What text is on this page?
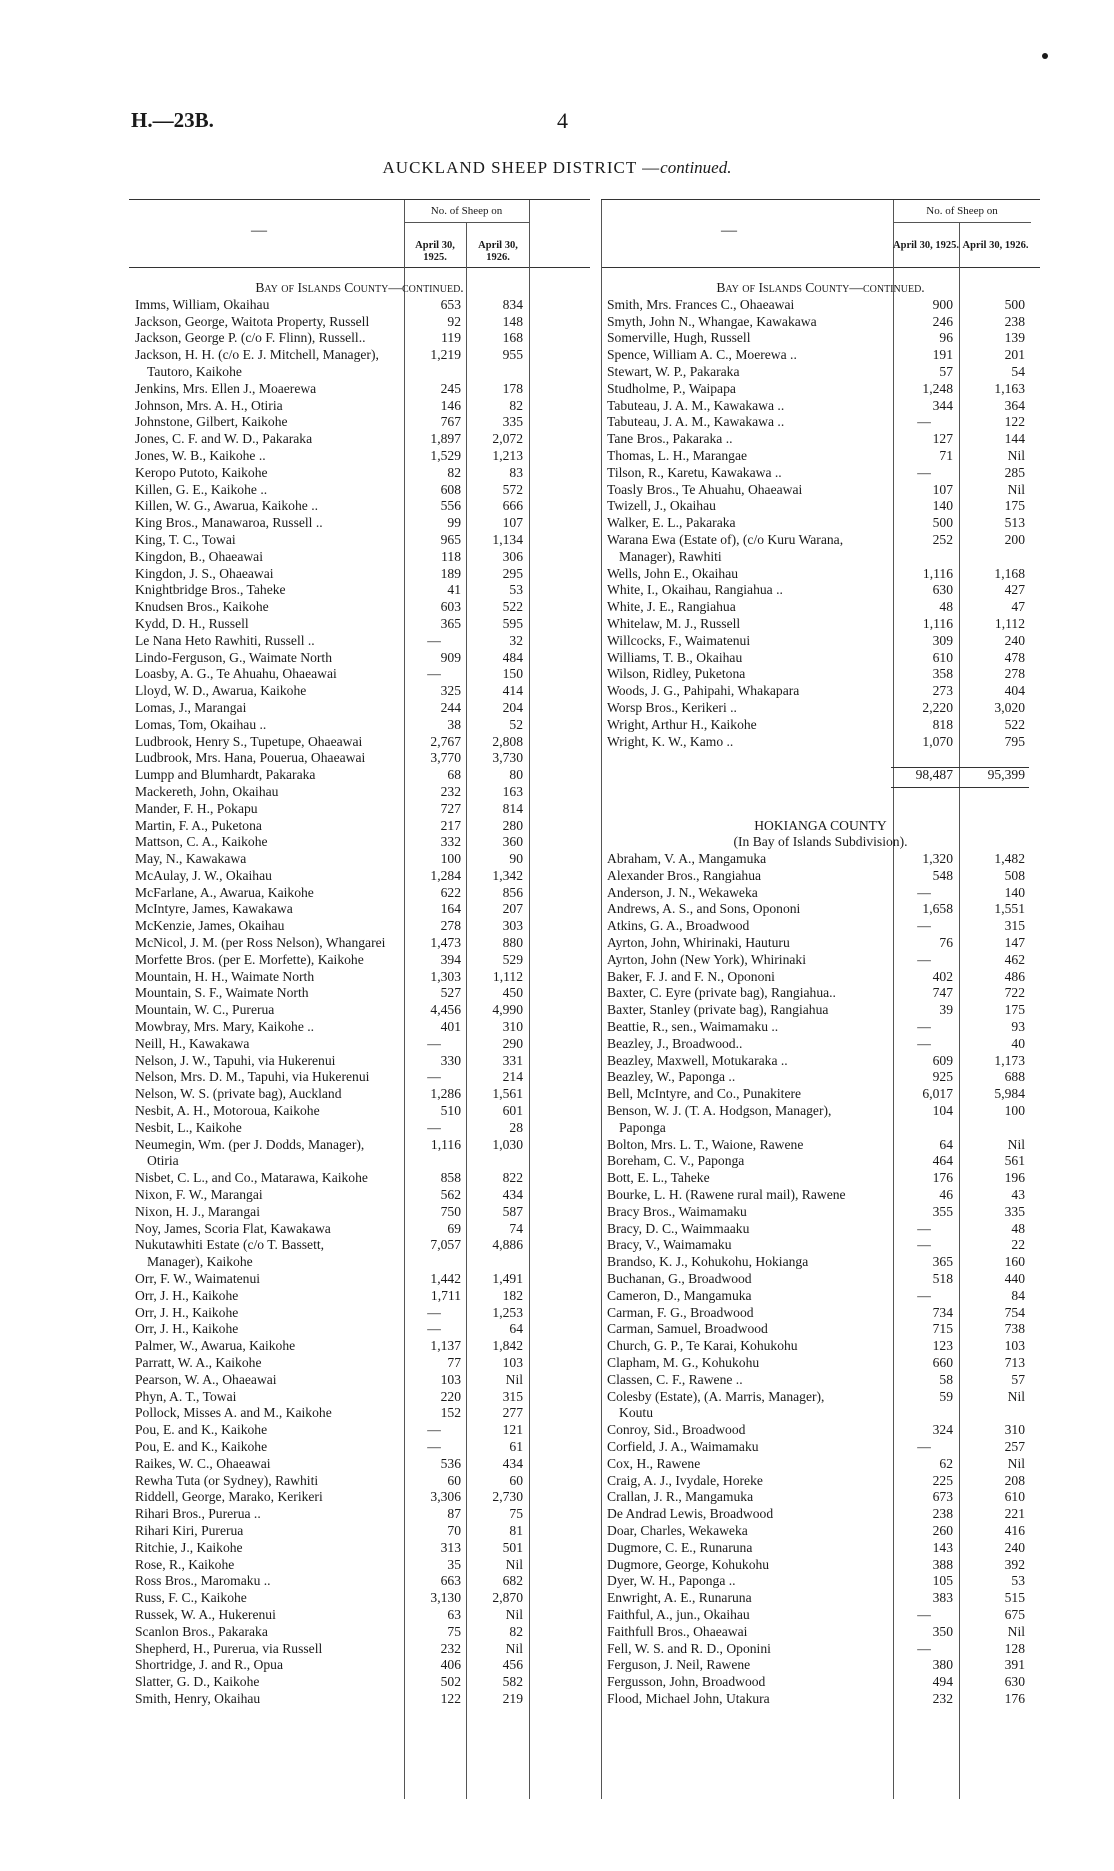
H.—23B.	4
AUCKLAND SHEEP DISTRICT —continued.
—
No. of Sheep on
April 30, 1925.
April 30, 1926.
Bay of Islands County—continued.
Imms, William, Okaihau	653	834
Jackson, George, Waitota Property, Russell	92	148
Jackson, George P. (c/o F. Flinn), Russell..	119	168
Jackson, H. H. (c/o E. J. Mitchell, Manager),	1,219	955
Tautoro, Kaikohe
Jenkins, Mrs. Ellen J., Moaerewa	245	178
Johnson, Mrs. A. H., Otiria	146	82
Johnstone, Gilbert, Kaikohe	767	335
Jones, C. F. and W. D., Pakaraka	1,897	2,072
Jones, W. B., Kaikohe ..	1,529	1,213
Keropo Putoto, Kaikohe	82	83
Killen, G. E., Kaikohe ..	608	572
Killen, W. G., Awarua, Kaikohe ..	556	666
King Bros., Manawaroa, Russell ..	99	107
King, T. C., Towai	965	1,134
Kingdon, B., Ohaeawai	118	306
Kingdon, J. S., Ohaeawai	189	295
Knightbridge Bros., Taheke	41	53
Knudsen Bros., Kaikohe	603	522
Kydd, D. H., Russell	365	595
Le Nana Heto Rawhiti, Russell ..	—	32
Lindo-Ferguson, G., Waimate North	909	484
Loasby, A. G., Te Ahuahu, Ohaeawai	—	150
Lloyd, W. D., Awarua, Kaikohe	325	414
Lomas, J., Marangai	244	204
Lomas, Tom, Okaihau ..	38	52
Ludbrook, Henry S., Tupetupe, Ohaeawai	2,767	2,808
Ludbrook, Mrs. Hana, Pouerua, Ohaeawai	3,770	3,730
Lumpp and Blumhardt, Pakaraka	68	80
Mackereth, John, Okaihau	232	163
Mander, F. H., Pokapu	727	814
Martin, F. A., Puketona	217	280
Mattson, C. A., Kaikohe	332	360
May, N., Kawakawa	100	90
McAulay, J. W., Okaihau	1,284	1,342
McFarlane, A., Awarua, Kaikohe	622	856
McIntyre, James, Kawakawa	164	207
McKenzie, James, Okaihau	278	303
McNicol, J. M. (per Ross Nelson), Whangarei	1,473	880
Morfette Bros. (per E. Morfette), Kaikohe	394	529
Mountain, H. H., Waimate North	1,303	1,112
Mountain, S. F., Waimate North	527	450
Mountain, W. C., Purerua	4,456	4,990
Mowbray, Mrs. Mary, Kaikohe ..	401	310
Neill, H., Kawakawa	—	290
Nelson, J. W., Tapuhi, via Hukerenui	330	331
Nelson, Mrs. D. M., Tapuhi, via Hukerenui	—	214
Nelson, W. S. (private bag), Auckland	1,286	1,561
Nesbit, A. H., Motoroua, Kaikohe	510	601
Nesbit, L., Kaikohe	—	28
Neumegin, Wm. (per J. Dodds, Manager),	1,116	1,030
Otiria
Nisbet, C. L., and Co., Matarawa, Kaikohe	858	822
Nixon, F. W., Marangai	562	434
Nixon, H. J., Marangai	750	587
Noy, James, Scoria Flat, Kawakawa	69	74
Nukutawhiti Estate (c/o T. Bassett,	7,057	4,886
Manager), Kaikohe
Orr, F. W., Waimatenui	1,442	1,491
Orr, J. H., Kaikohe	1,711	182
Orr, J. H., Kaikohe	—	1,253
Orr, J. H., Kaikohe	—	64
Palmer, W., Awarua, Kaikohe	1,137	1,842
Parratt, W. A., Kaikohe	77	103
Pearson, W. A., Ohaeawai	103	Nil
Phyn, A. T., Towai	220	315
Pollock, Misses A. and M., Kaikohe	152	277
Pou, E. and K., Kaikohe	—	121
Pou, E. and K., Kaikohe	—	61
Raikes, W. C., Ohaeawai	536	434
Rewha Tuta (or Sydney), Rawhiti	60	60
Riddell, George, Marako, Kerikeri	3,306	2,730
Rihari Bros., Purerua ..	87	75
Rihari Kiri, Purerua	70	81
Ritchie, J., Kaikohe	313	501
Rose, R., Kaikohe	35	Nil
Ross Bros., Maromaku ..	663	682
Russ, F. C., Kaikohe	3,130	2,870
Russek, W. A., Hukerenui	63	Nil
Scanlon Bros., Pakaraka	75	82
Shepherd, H., Purerua, via Russell	232	Nil
Shortridge, J. and R., Opua	406	456
Slatter, G. D., Kaikohe	502	582
Smith, Henry, Okaihau	122	219
—
No. of Sheep on
April 30, 1925. April 30, 1926.
Bay of Islands County—continued.
Smith, Mrs. Frances C., Ohaeawai	900	500
Smyth, John N., Whangae, Kawakawa	246	238
Somerville, Hugh, Russell	96	139
Spence, William A. C., Moerewa ..	191	201
Stewart, W. P., Pakaraka	57	54
Studholme, P., Waipapa	1,248	1,163
Tabuteau, J. A. M., Kawakawa ..	344	364
Tabuteau, J. A. M., Kawakawa ..	—	122
Tane Bros., Pakaraka ..	127	144
Thomas, L. H., Marangae	71	Nil
Tilson, R., Karetu, Kawakawa ..	—	285
Toasly Bros., Te Ahuahu, Ohaeawai	107	Nil
Twizell, J., Okaihau	140	175
Walker, E. L., Pakaraka	500	513
Warana Ewa (Estate of), (c/o Kuru Warana,	252	200
Manager), Rawhiti
Wells, John E., Okaihau	1,116	1,168
White, I., Okaihau, Rangiahua ..	630	427
White, J. E., Rangiahua	48	47
Whitelaw, M. J., Russell	1,116	1,112
Willcocks, F., Waimatenui	309	240
Williams, T. B., Okaihau	610	478
Wilson, Ridley, Puketona	358	278
Woods, J. G., Pahipahi, Whakapara	273	404
Worsp Bros., Kerikeri ..	2,220	3,020
Wright, Arthur H., Kaikohe	818	522
Wright, K. W., Kamo ..	1,070	795
98,487	95,399
HOKIANGA COUNTY
(In Bay of Islands Subdivision).
Abraham, V. A., Mangamuka	1,320	1,482
Alexander Bros., Rangiahua	548	508
Anderson, J. N., Wekaweka	—	140
Andrews, A. S., and Sons, Opononi	1,658	1,551
Atkins, G. A., Broadwood	—	315
Ayrton, John, Whirinaki, Hauturu	76	147
Ayrton, John (New York), Whirinaki	—	462
Baker, F. J. and F. N., Opononi	402	486
Baxter, C. Eyre (private bag), Rangiahua..	747	722
Baxter, Stanley (private bag), Rangiahua	39	175
Beattie, R., sen., Waimamaku ..	—	93
Beazley, J., Broadwood..	—	40
Beazley, Maxwell, Motukaraka ..	609	1,173
Beazley, W., Paponga ..	925	688
Bell, McIntyre, and Co., Punakitere	6,017	5,984
Benson, W. J. (T. A. Hodgson, Manager),	104	100
Paponga
Bolton, Mrs. L. T., Waione, Rawene	64	Nil
Boreham, C. V., Paponga	464	561
Bott, E. L., Taheke	176	196
Bourke, L. H. (Rawene rural mail), Rawene	46	43
Bracy Bros., Waimamaku	355	335
Bracy, D. C., Waimmaaku	—	48
Bracy, V., Waimamaku	—	22
Brandso, K. J., Kohukohu, Hokianga	365	160
Buchanan, G., Broadwood	518	440
Cameron, D., Mangamuka	—	84
Carman, F. G., Broadwood	734	754
Carman, Samuel, Broadwood	715	738
Church, G. P., Te Karai, Kohukohu	123	103
Clapham, M. G., Kohukohu	660	713
Classen, C. F., Rawene ..	58	57
Colesby (Estate), (A. Marris, Manager),	59	Nil
Koutu
Conroy, Sid., Broadwood	324	310
Corfield, J. A., Waimamaku	—	257
Cox, H., Rawene	62	Nil
Craig, A. J., Ivydale, Horeke	225	208
Crallan, J. R., Mangamuka	673	610
De Andrad Lewis, Broadwood	238	221
Doar, Charles, Wekaweka	260	416
Dugmore, C. E., Runaruna	143	240
Dugmore, George, Kohukohu	388	392
Dyer, W. H., Paponga ..	105	53
Enwright, A. E., Runaruna	383	515
Faithful, A., jun., Okaihau	—	675
Faithfull Bros., Ohaeawai	350	Nil
Fell, W. S. and R. D., Oponini	—	128
Ferguson, J. Neil, Rawene	380	391
Fergusson, John, Broadwood	494	630
Flood, Michael John, Utakura	232	176
